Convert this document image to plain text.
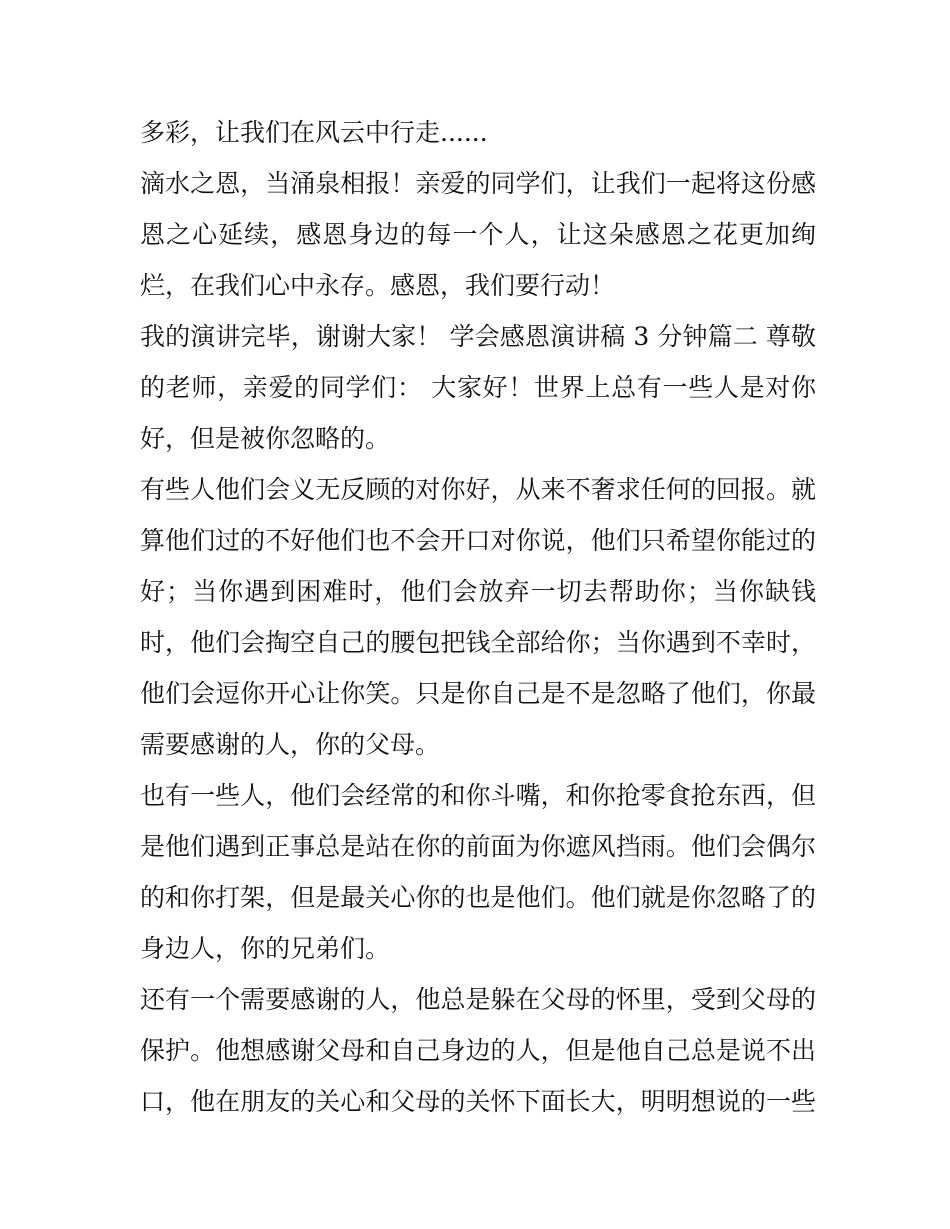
多彩，让我们在风云中行走......
滴水之恩，当涌泉相报！亲爱的同学们，让我们一起将这份感
恩之心延续，感恩身边的每一个人，让这朵感恩之花更加绚
烂，在我们心中永存。感恩，我们要行动！
我的演讲完毕，谢谢大家！ 学会感恩演讲稿 3 分钟篇二 尊敬
的老师，亲爱的同学们： 大家好！世界上总有一些人是对你
好，但是被你忽略的。
有些人他们会义无反顾的对你好，从来不奢求任何的回报。就
算他们过的不好他们也不会开口对你说，他们只希望你能过的
好；当你遇到困难时，他们会放弃一切去帮助你；当你缺钱
时，他们会掏空自己的腰包把钱全部给你；当你遇到不幸时，
他们会逗你开心让你笑。只是你自己是不是忽略了他们，你最
需要感谢的人，你的父母。
也有一些人，他们会经常的和你斗嘴，和你抢零食抢东西，但
是他们遇到正事总是站在你的前面为你遮风挡雨。他们会偶尔
的和你打架，但是最关心你的也是他们。他们就是你忽略了的
身边人，你的兄弟们。
还有一个需要感谢的人，他总是躲在父母的怀里，受到父母的
保护。他想感谢父母和自己身边的人，但是他自己总是说不出
口，他在朋友的关心和父母的关怀下面长大，明明想说的一些
